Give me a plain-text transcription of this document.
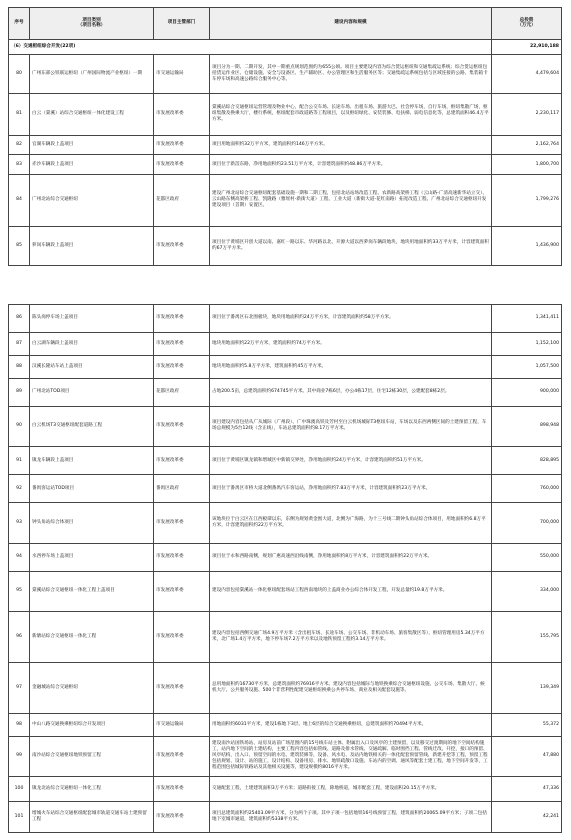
序号	项目类别
（项目名称）	项目主管部门	建设内容和规模	总投资
（万元）
（6）交通枢纽综合开发(22项)				22,910,188
80	广州东部公铁联运枢纽（广州国际物流产业枢纽）一期	市交通运输局	项目分为一期、二期开发，其中一期重点规划范围约为655公顷。项目主要建设内容为综合货运枢纽和交通集疏运系统；综合货运枢纽包括货运作业区、仓储设施、安全与设备区、生产辅助区、办公管理区和生活服务区等；交通集疏运系统包括与区域连接的公路、集装箱卡车停车场和高速公路综合服务中心等。	4,479,604
81	白云（棠溪）站综合交通枢纽一体化建设工程	市发展改革委	棠溪站综合交通枢纽运营管理及物业中心，配合公交车场、长途车场、出租车场、旅游大巴、社会停车场，自行车场，枢纽集散广场，枢纽集散及换乘大厅，楼行系统，枢纽配套市政道路等工程项目，以及枢纽绿化、安装装修、电扶梯、弱电信息化等，总建筑面积46.4万平方米。	2,230,117
82	官湖车辆段上盖项目	市发展改革委	项目用地面积约32万平方米，建筑面积约146万平方米。	2,162,764
83	赤沙车辆段上盖项目	市发展改革委	项目位于新滘东路，净用地面积约23.51万平方米，计容建筑面积约48.86万平方米。	1,800,700
84	广州北站综合交通枢纽	花都区政府	建设广州北站综合交通枢纽配套基础设施一期和二期工程，包括北站站场改造工程、农新路高架桥工程（云山路-广清高速新华站立交）、云山路东侧高架桥工程、凯隆路（雅瑶村-新街大道）工程、工业大道（新街大道-花红南路）拓宽改造工程、广州北站综合交通枢纽开发建设项目（首期）安置区。	1,799,276
85	萝岗车辆段上盖项目	市发展改革委	项目位于黄埔区开创大道以南、嘉红一路以东、华河路以北、开源大道以西萝岗车辆段地块，地块用地面积约33万平方米，计容建筑面积约67万平方米。	1,436,900
86	陈头岗停车场上盖项目	市发展改革委	项目位于番禺区石北围板块，地块用地面积约24万平方米，计容建筑面积约58万平方米。	1,341,411
87	白云湖车辆段上盖项目	市发展改革委	地块用地面积约22万平方米，建筑面积约74万平方米。	1,152,100
88	汉溪长隆站车站上盖项目	市发展改革委	地块用地面积约5.8万平方米，建筑面积约45万平方米。	1,057,500
89	广州北站TOD项目	花都区政府	占地200.5亩，总建筑面积约674745平方米。其中商业7栋6层，办公4栋17层，住宅12栋30层，公建配套8栋2层。	900,000
90	白云机场T3交通枢纽配套道路工程	市发展改革委	项目建设内容包括从广从城际（广州段）、广中珠澳高铁及芳村至白云机场城际T3枢纽车站，车场以及东西两侧区间的土建预留工程，车场总规模为5台12线（含正线），车站总建筑面积约8.17万平方米。	898,948
91	镇龙车辆段上盖项目	市发展改革委	项目位于黄埔区镇龙镇和增城区中新镇交界处，净用地面积约24万平方米，计容建筑面积约51万平方米。	828,895
92	番禺客运站TOD项目	番禺区政府	项目位于番禺区市桥大道北侧番禺汽车客运站，净用地面积约7.83万平方米，计容建筑面积约23万平方米。	760,000
93	钟头角站综合体项目	市发展改革委	该地块位于白云区在江西板谭以东，东侧为规划黄金围大道，北侧为广海路，为十三号线二期钟头角站综合体项目，用地面积约6.8万平方米，计容建筑面积约22万平方米。	700,000
94	水西停车场上盖项目	市发展改革委	项目位于永和西路南侧，规划广惠高速西沿线南侧，净用地面积约8万平方米，计容建筑面积约22万平方米。	550,000
95	棠溪站综合交通枢纽一体化工程上盖项目	市发展改革委	建设内容包括棠溪站一体化枢纽配套场站工程西南地块的上盖商业办公综合体开发工程，开发总量约19.8万平方米。	334,000
96	新塘站综合交通枢纽一体化工程	市发展改革委	建设内容包括西侧交通广场4.9万平方米（含出租车场、长途车场、公交车场、非机动车场、旅客集散区等），枢纽管理用房5.34万平方米，北广场1.4万平方米，地下停车场7.2万平方米以及地铁预留工程约3.14万平方米。	155,795
97	金融城站综合交通枢纽	市发展改革委	总用地面积约16730平方米，总建筑面积约76916平方米。建设内容包括城际与地铁换乘综合交通枢纽设施、公交车场、集散大厅、候机大厅、公共服务设施、500个非营利性配建交通枢纽换乘公共停车场、商业及相关配套设施等。	139,349
98	中山八路交通换乘枢纽综合开发项目	市交通运输局	用地面积约6031平方米，建设1栋地下3层、地上6层的综合交通换乘枢纽，总建筑面积约70494平方米。	55,372
99	南沙站综合交通枢纽地铁预留工程	市发展改革委	建设南沙站国铁场站、站房及站前广场范围内的15号线车站主体、附属出入口及风亭的土建预留，以及移交过渡期间的地下空间结构施工，站内地下空间的土建结构，主要工程内容包括如管线、道路及排水管线、交通疏解、临时围挡工程、管线迁改、开挖，接口的预留、风亭结构，出入口、预留空间的水电、建筑装修等，设备、风水电、及站内地铁相关的一体化配套预留管线、新建开挖等工程，预留工程包括规划、设计、站的施工，设计结构、设备用房、排水、地铁疏散口设施、车站内的空调、通风等配套土建工程，地下空间开发等，工程范围包括城际铁路站及其他相关设施等，建设规模约8016平方米。	47,880
100	镇龙北站综合交通枢纽一体化工程	市发展改革委	交通配套工程，土建建筑面积3万平方米；道路衔接工程，除地桥道，城市配套工程，建设面积20.15万平方米。	47,336
101	增城火车站综合交通枢纽配套城市轨道交通车站土建预留工程	市发展改革委	项目总建筑面积约25403.09平方米，分为两个子项。其中子项一包括地铁16号线预留工程，建筑面积约20065.09平方米；子项二包括地下室城市通道，建筑面积约5338平方米。	42,241
